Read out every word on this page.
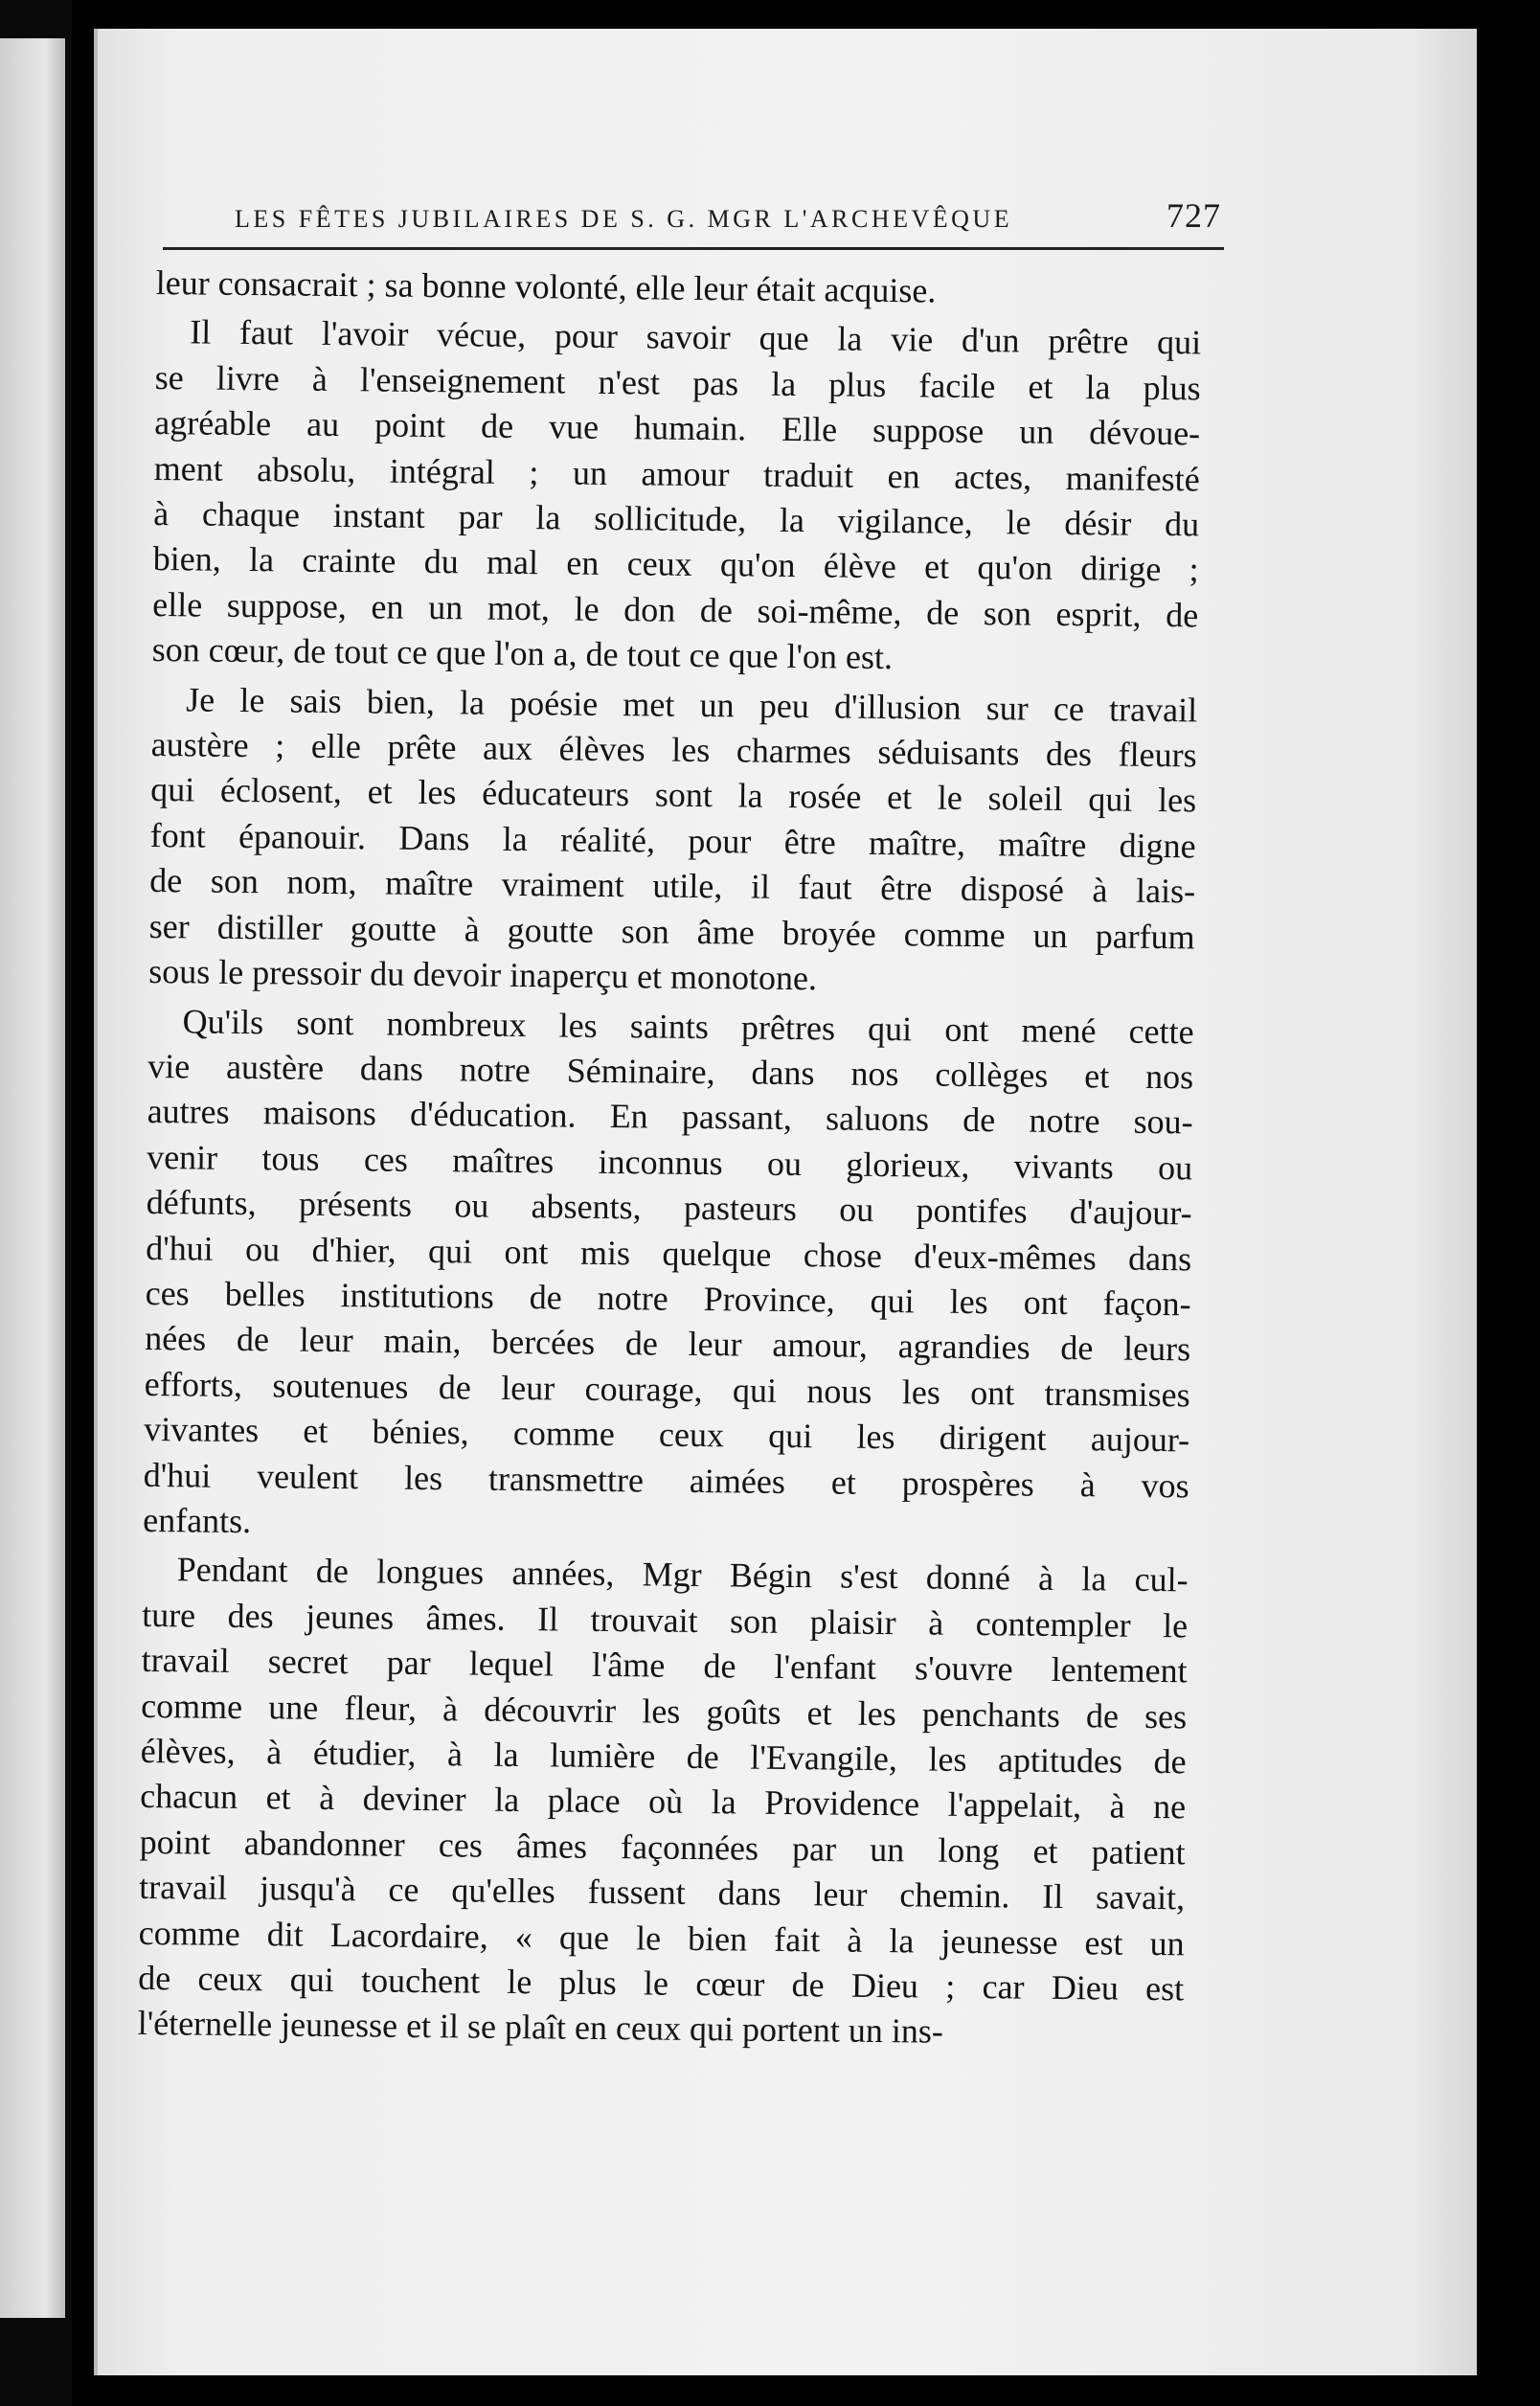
LES FÊTES JUBILAIRES DE S. G. MGR L'ARCHEVÊQUE	727

leur consacrait ; sa bonne volonté, elle leur était acquise.

Il faut l'avoir vécue, pour savoir que la vie d'un prêtre qui
se livre à l'enseignement n'est pas la plus facile et la plus
agréable au point de vue humain. Elle suppose un dévoue-
ment absolu, intégral ; un amour traduit en actes, manifesté
à chaque instant par la sollicitude, la vigilance, le désir du
bien, la crainte du mal en ceux qu'on élève et qu'on dirige ;
elle suppose, en un mot, le don de soi-même, de son esprit, de
son cœur, de tout ce que l'on a, de tout ce que l'on est.

Je le sais bien, la poésie met un peu d'illusion sur ce travail
austère ; elle prête aux élèves les charmes séduisants des fleurs
qui éclosent, et les éducateurs sont la rosée et le soleil qui les
font épanouir. Dans la réalité, pour être maître, maître digne
de son nom, maître vraiment utile, il faut être disposé à lais-
ser distiller goutte à goutte son âme broyée comme un parfum
sous le pressoir du devoir inaperçu et monotone.

Qu'ils sont nombreux les saints prêtres qui ont mené cette
vie austère dans notre Séminaire, dans nos collèges et nos
autres maisons d'éducation. En passant, saluons de notre sou-
venir tous ces maîtres inconnus ou glorieux, vivants ou
défunts, présents ou absents, pasteurs ou pontifes d'aujour-
d'hui ou d'hier, qui ont mis quelque chose d'eux-mêmes dans
ces belles institutions de notre Province, qui les ont façon-
nées de leur main, bercées de leur amour, agrandies de leurs
efforts, soutenues de leur courage, qui nous les ont transmises
vivantes et bénies, comme ceux qui les dirigent aujour-
d'hui veulent les transmettre aimées et prospères à vos
enfants.

Pendant de longues années, Mgr Bégin s'est donné à la cul-
ture des jeunes âmes. Il trouvait son plaisir à contempler le
travail secret par lequel l'âme de l'enfant s'ouvre lentement
comme une fleur, à découvrir les goûts et les penchants de ses
élèves, à étudier, à la lumière de l'Evangile, les aptitudes de
chacun et à deviner la place où la Providence l'appelait, à ne
point abandonner ces âmes façonnées par un long et patient
travail jusqu'à ce qu'elles fussent dans leur chemin. Il savait,
comme dit Lacordaire, « que le bien fait à la jeunesse est un
de ceux qui touchent le plus le cœur de Dieu ; car Dieu est
l'éternelle jeunesse et il se plaît en ceux qui portent un ins-
